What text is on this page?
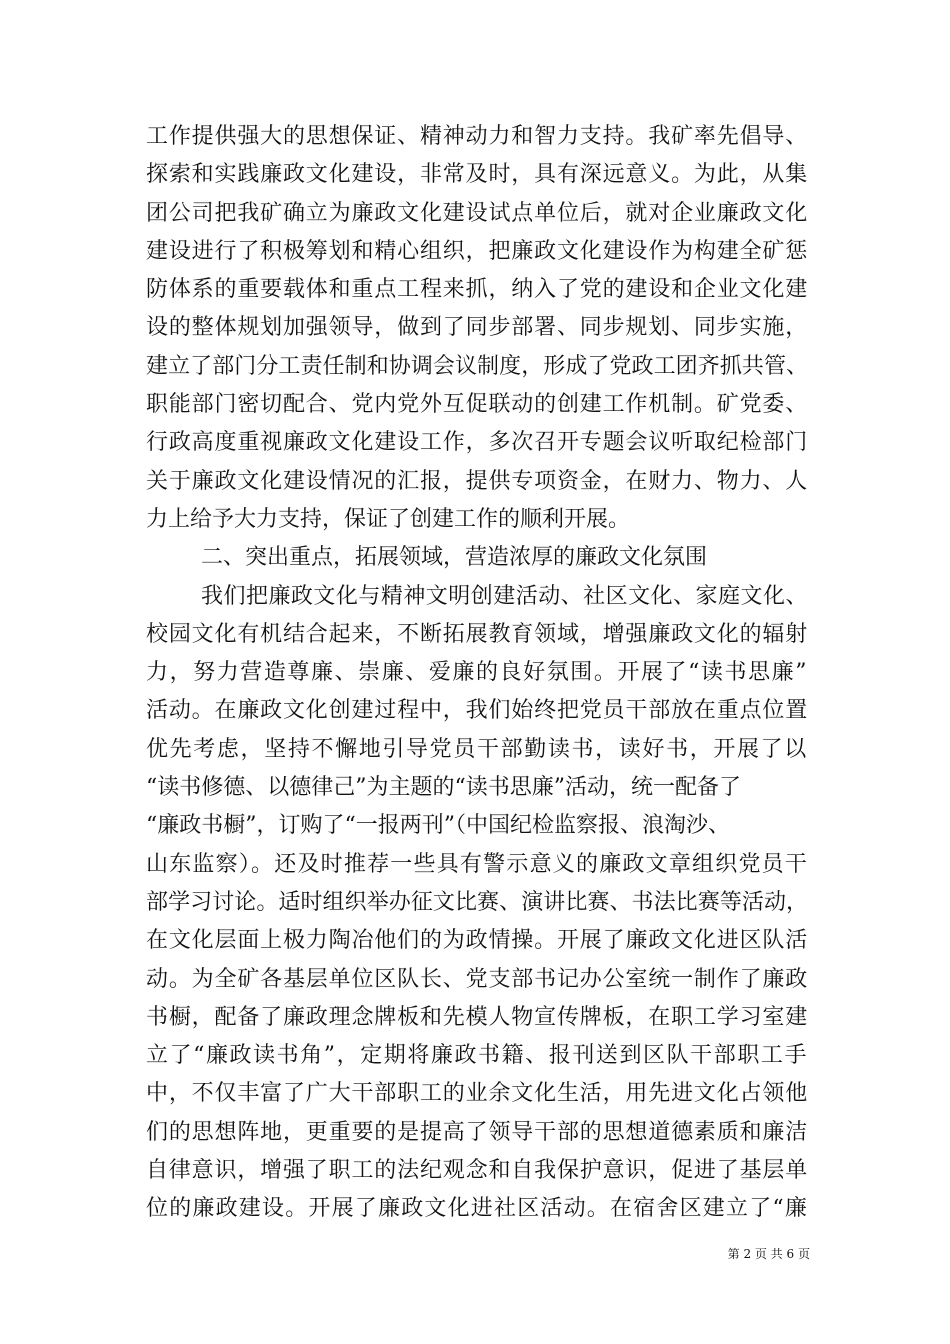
工作提供强大的思想保证、精神动力和智力支持。我矿率先倡导、
探索和实践廉政文化建设，非常及时，具有深远意义。为此，从集
团公司把我矿确立为廉政文化建设试点单位后，就对企业廉政文化
建设进行了积极筹划和精心组织，把廉政文化建设作为构建全矿惩
防体系的重要载体和重点工程来抓，纳入了党的建设和企业文化建
设的整体规划加强领导，做到了同步部署、同步规划、同步实施，
建立了部门分工责任制和协调会议制度，形成了党政工团齐抓共管、
职能部门密切配合、党内党外互促联动的创建工作机制。矿党委、
行政高度重视廉政文化建设工作，多次召开专题会议听取纪检部门
关于廉政文化建设情况的汇报，提供专项资金，在财力、物力、人
力上给予大力支持，保证了创建工作的顺利开展。
二、突出重点，拓展领域，营造浓厚的廉政文化氛围
我们把廉政文化与精神文明创建活动、社区文化、家庭文化、
校园文化有机结合起来，不断拓展教育领域，增强廉政文化的辐射
力，努力营造尊廉、崇廉、爱廉的良好氛围。开展了“读书思廉”
活动。在廉政文化创建过程中，我们始终把党员干部放在重点位置
优先考虑，坚持不懈地引导党员干部勤读书，读好书，开展了以
“读书修德、以德律己”为主题的“读书思廉”活动，统一配备了
“廉政书橱”，订购了“一报两刊”（中国纪检监察报、浪淘沙、
山东监察）。还及时推荐一些具有警示意义的廉政文章组织党员干
部学习讨论。适时组织举办征文比赛、演讲比赛、书法比赛等活动，
在文化层面上极力陶冶他们的为政情操。开展了廉政文化进区队活
动。为全矿各基层单位区队长、党支部书记办公室统一制作了廉政
书橱，配备了廉政理念牌板和先模人物宣传牌板，在职工学习室建
立了“廉政读书角”，定期将廉政书籍、报刊送到区队干部职工手
中，不仅丰富了广大干部职工的业余文化生活，用先进文化占领他
们的思想阵地，更重要的是提高了领导干部的思想道德素质和廉洁
自律意识，增强了职工的法纪观念和自我保护意识，促进了基层单
位的廉政建设。开展了廉政文化进社区活动。在宿舍区建立了“廉
第 2 页 共 6 页
